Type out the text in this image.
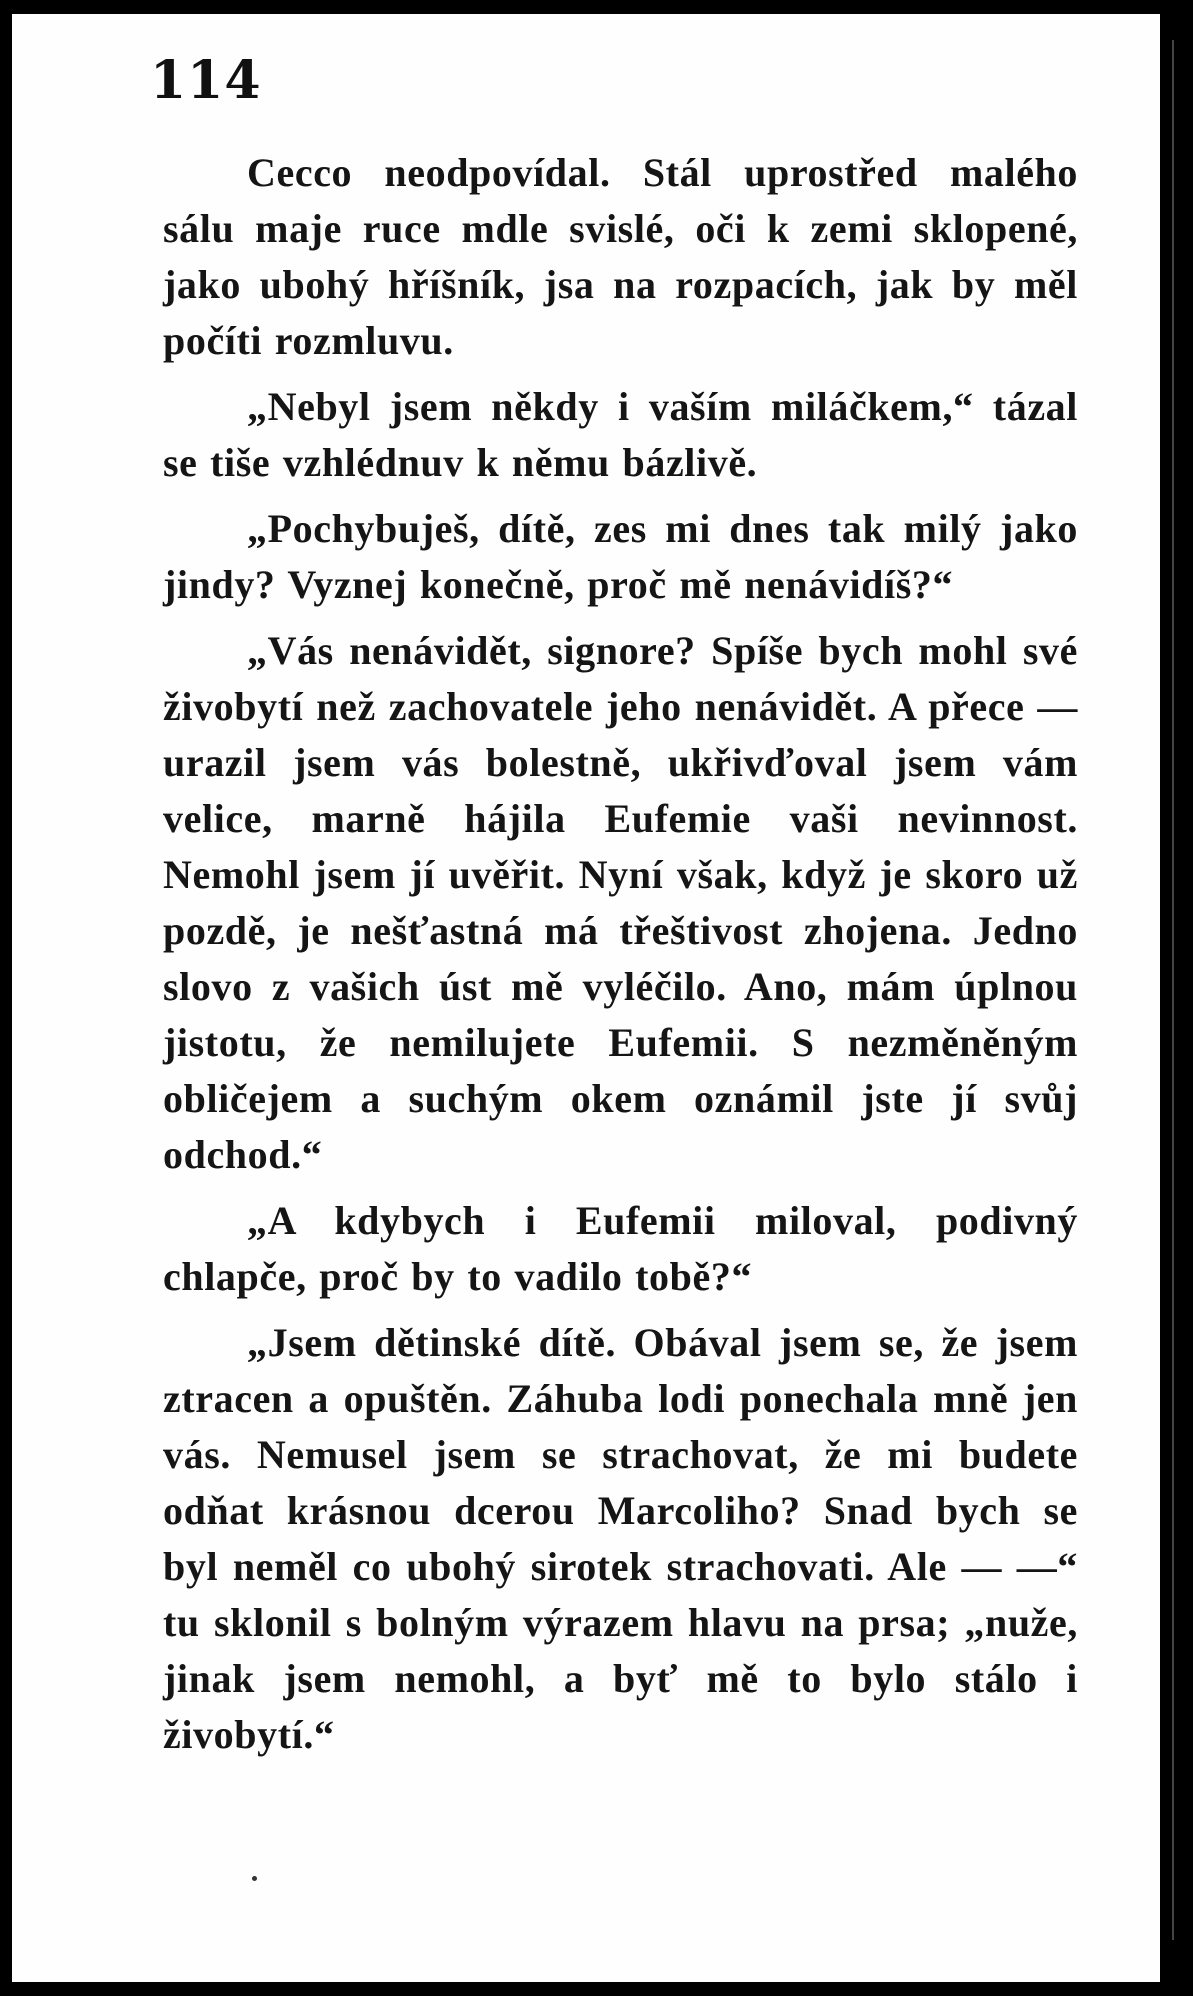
114

Cecco neodpovídal. Stál uprostřed malého sálu maje ruce mdle svislé, oči k zemi sklopené, jako ubohý hříšník, jsa na rozpacích, jak by měl počíti rozmluvu.

„Nebyl jsem někdy i vaším miláčkem,“ tázal se tiše vzhlédnuv k němu bázlivě.

„Pochybuješ, dítě, zes mi dnes tak milý jako jindy? Vyznej konečně, proč mě nenávidíš?“

„Vás nenávidět, signore? Spíše bych mohl své živobytí než zachovatele jeho nenávidět. A přece — urazil jsem vás bolestně, ukřivďoval jsem vám velice, marně hájila Eufemie vaši nevinnost. Nemohl jsem jí uvěřit. Nyní však, když je skoro už pozdě, je nešťastná má třeštivost zhojena. Jedno slovo z vašich úst mě vyléčilo. Ano, mám úplnou jistotu, že nemilujete Eufemii. S nezměněným obličejem a suchým okem oznámil jste jí svůj odchod.“

„A kdybych i Eufemii miloval, podivný chlapče, proč by to vadilo tobě?“

„Jsem dětinské dítě. Obával jsem se, že jsem ztracen a opuštěn. Záhuba lodi ponechala mně jen vás. Nemusel jsem se strachovat, že mi budete odňat krásnou dcerou Marcoliho? Snad bych se byl neměl co ubohý sirotek strachovati. Ale — —“ tu sklonil s bolným výrazem hlavu na prsa; „nuže, jinak jsem nemohl, a byť mě to bylo stálo i živobytí.“
